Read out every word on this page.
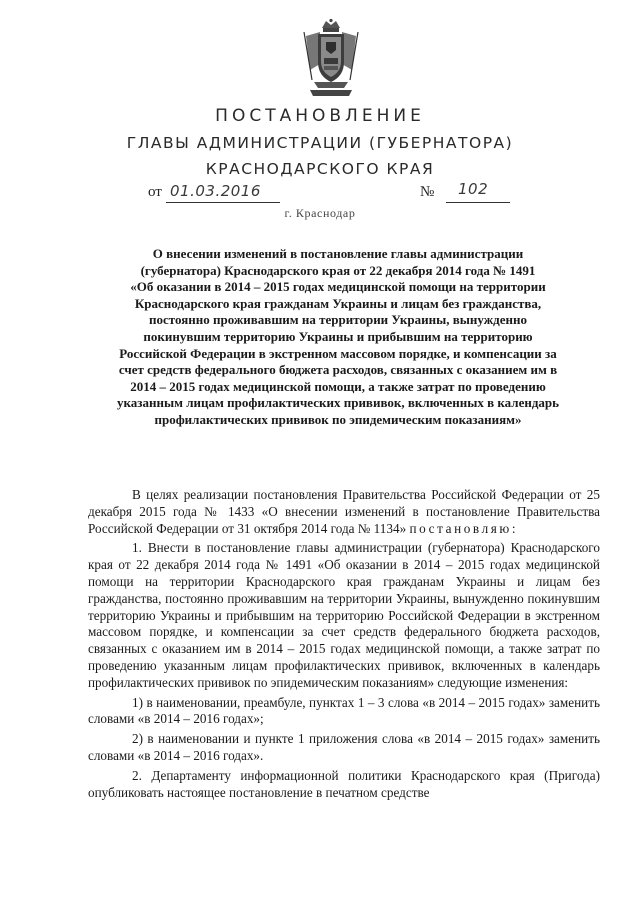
ПОСТАНОВЛЕНИЕ
ГЛАВЫ АДМИНИСТРАЦИИ (ГУБЕРНАТОРА)
КРАСНОДАРСКОГО КРАЯ
от 01.03.2016	№ 102
г. Краснодар
О внесении изменений в постановление главы администрации
(губернатора) Краснодарского края от 22 декабря 2014 года № 1491
«Об оказании в 2014 – 2015 годах медицинской помощи на территории
Краснодарского края гражданам Украины и лицам без гражданства,
постоянно проживавшим на территории Украины, вынужденно
покинувшим территорию Украины и прибывшим на территорию
Российской Федерации в экстренном массовом порядке, и компенсации за
счет средств федерального бюджета расходов, связанных с оказанием им в
2014 – 2015 годах медицинской помощи, а также затрат по проведению
указанным лицам профилактических прививок, включенных в календарь
профилактических прививок по эпидемическим показаниям»

В целях реализации постановления Правительства Российской Федерации от 25 декабря 2015 года № 1433 «О внесении изменений в постановление Правительства Российской Федерации от 31 октября 2014 года № 1134» постановляю:

1. Внести в постановление главы администрации (губернатора) Краснодарского края от 22 декабря 2014 года № 1491 «Об оказании в 2014 – 2015 годах медицинской помощи на территории Краснодарского края гражданам Украины и лицам без гражданства, постоянно проживавшим на территории Украины, вынужденно покинувшим территорию Украины и прибывшим на территорию Российской Федерации в экстренном массовом порядке, и компенсации за счет средств федерального бюджета расходов, связанных с оказанием им в 2014 – 2015 годах медицинской помощи, а также затрат по проведению указанным лицам профилактических прививок, включенных в календарь профилактических прививок по эпидемическим показаниям» следующие изменения:

1) в наименовании, преамбуле, пунктах 1 – 3 слова «в 2014 – 2015 годах» заменить словами «в 2014 – 2016 годах»;

2) в наименовании и пункте 1 приложения слова «в 2014 – 2015 годах» заменить словами «в 2014 – 2016 годах».

2. Департаменту информационной политики Краснодарского края (Пригода) опубликовать настоящее постановление в печатном средстве
